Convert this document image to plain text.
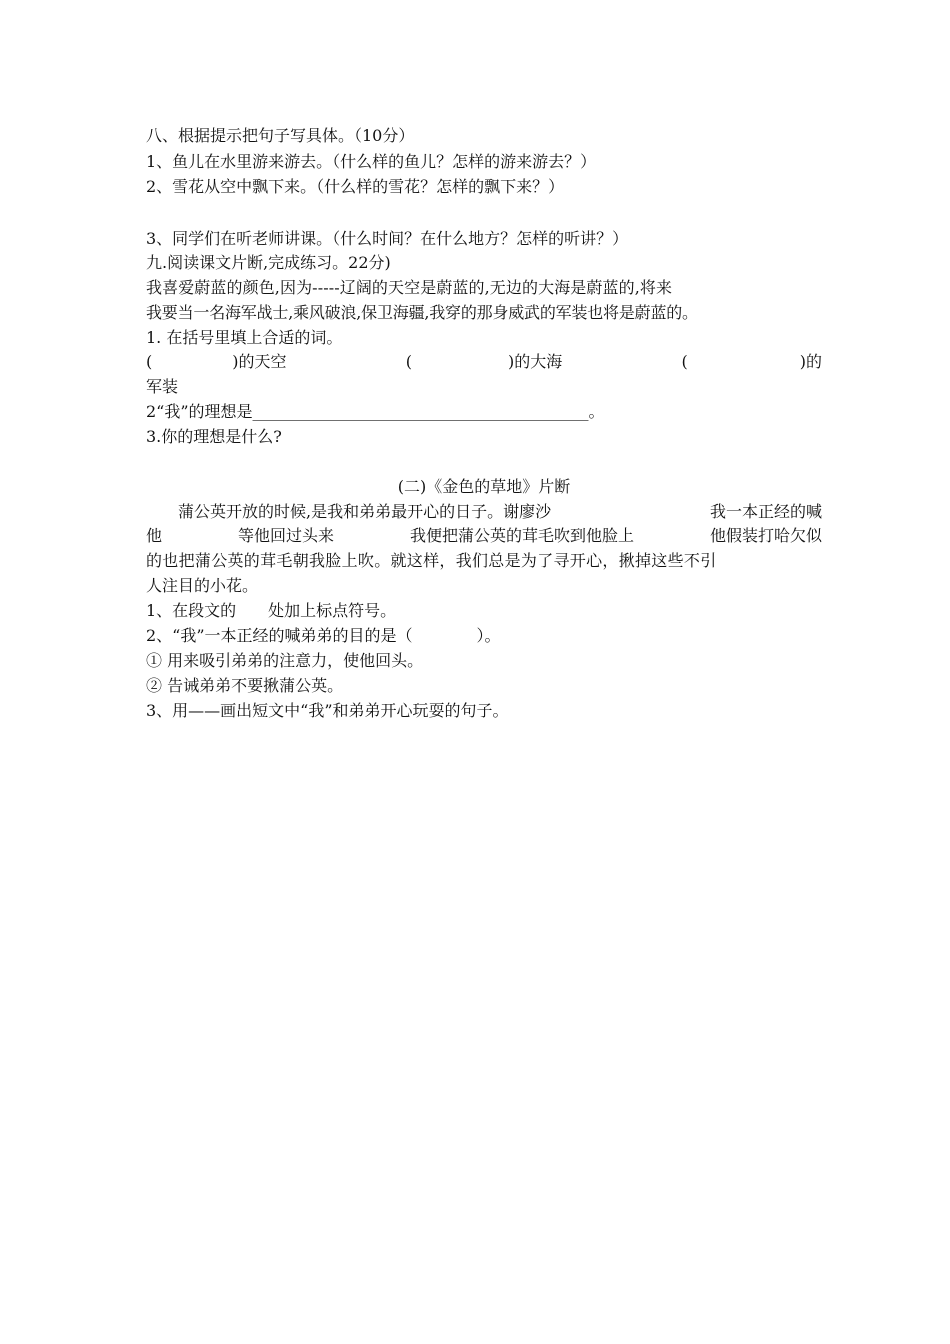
八、根据提示把句子写具体。（10分）
1、鱼儿在水里游来游去。（什么样的鱼儿？怎样的游来游去？）
2、雪花从空中飘下来。（什么样的雪花？怎样的飘下来？）
3、同学们在听老师讲课。（什么时间？在什么地方？怎样的听讲？）
九.阅读课文片断,完成练习。22分)
我喜爱蔚蓝的颜色,因为-----辽阔的天空是蔚蓝的,无边的大海是蔚蓝的,将来
我要当一名海军战士,乘风破浪,保卫海疆,我穿的那身威武的军装也将是蔚蓝的。
1. 在括号里填上合适的词。
(　　　　　)的天空	(　　　　　　)的大海	(　　　　　　　)的
军装
2“我”的理想是__________________________________________。
3.你的理想是什么?
(二)《金色的草地》片断
　　蒲公英开放的时候,是我和弟弟最开心的日子。谢廖沙	我一本正经的喊
他	等他回过头来	我便把蒲公英的茸毛吹到他脸上	他假装打哈欠似
的也把蒲公英的茸毛朝我脸上吹。就这样，我们总是为了寻开心，揪掉这些不引
人注目的小花。
1、在段文的　　处加上标点符号。
2、“我”一本正经的喊弟弟的目的是（　　　　）。
① 用来吸引弟弟的注意力，使他回头。
② 告诫弟弟不要揪蒲公英。
3、用——画出短文中“我”和弟弟开心玩耍的句子。
